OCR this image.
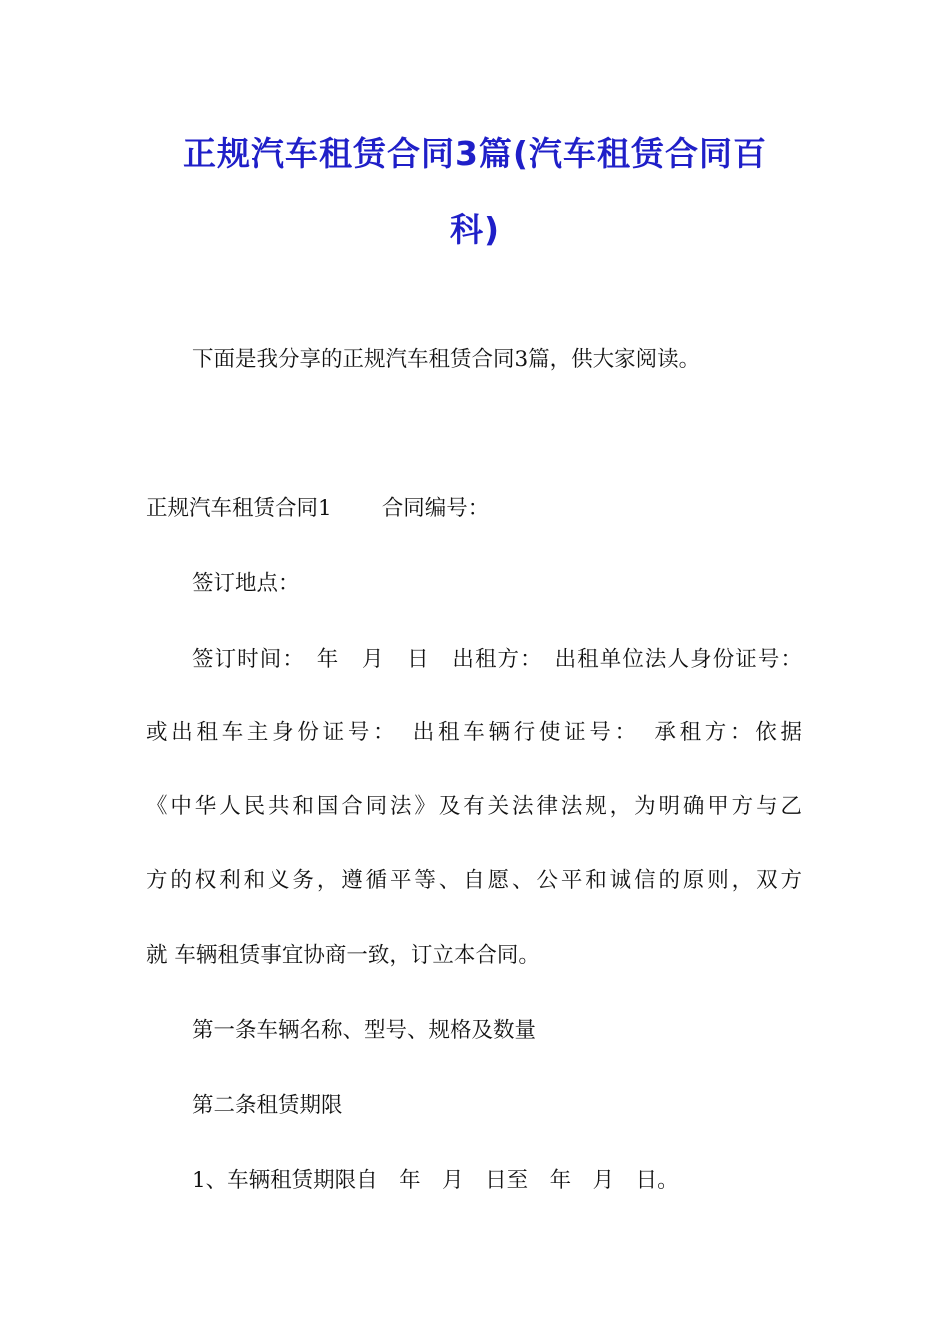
正规汽车租赁合同3篇(汽车租赁合同百
科)

下面是我分享的正规汽车租赁合同3篇，供大家阅读。

正规汽车租赁合同1 合同编号：

签订地点：

签订时间：　年　月　日　出租方：　出租单位法人身份证号：

或出租车主身份证号：　出租车辆行使证号：　承租方：依据

《中华人民共和国合同法》及有关法律法规，为明确甲方与乙

方的权利和义务，遵循平等、自愿、公平和诚信的原则，双方

就 车辆租赁事宜协商一致，订立本合同。

第一条车辆名称、型号、规格及数量

第二条租赁期限

1、车辆租赁期限自　年　月　日至　年　月　日。
